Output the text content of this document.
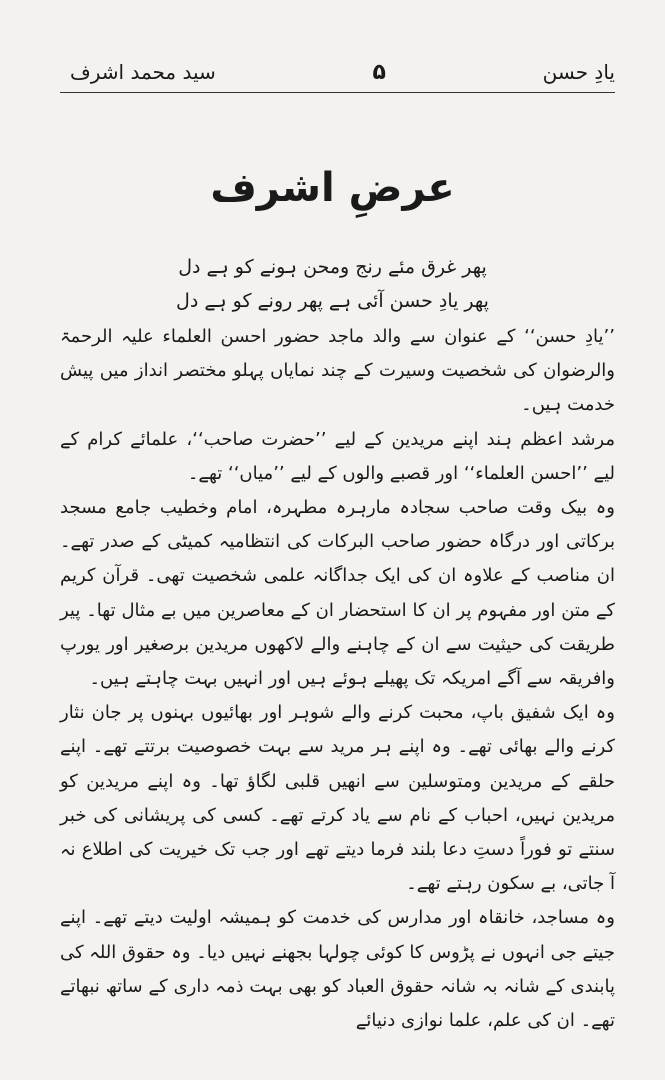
یادِ حسن
۵
سید محمد اشرف
عرضِ اشرف
پھر غرق مئے رنج ومحن ہونے کو ہے دل
پھر یادِ حسن آئی ہے پھر رونے کو ہے دل

’’یادِ حسن‘‘ کے عنوان سے والد ماجد حضور احسن العلماء علیہ الرحمۃ والرضوان کی شخصیت وسیرت کے چند نمایاں پہلو مختصر انداز میں پیش خدمت ہیں۔

مرشد اعظم ہند اپنے مریدین کے لیے ’’حضرت صاحب‘‘، علمائے کرام کے لیے ’’احسن العلماء‘‘ اور قصبے والوں کے لیے ’’میاں‘‘ تھے۔

وہ بیک وقت صاحب سجادہ مارہرہ مطہرہ، امام وخطیب جامع مسجد برکاتی اور درگاہ حضور صاحب البرکات کی انتظامیہ کمیٹی کے صدر تھے۔ ان مناصب کے علاوہ ان کی ایک جداگانہ علمی شخصیت تھی۔ قرآن کریم کے متن اور مفہوم پر ان کا استحضار ان کے معاصرین میں بے مثال تھا۔ پیر طریقت کی حیثیت سے ان کے چاہنے والے لاکھوں مریدین برصغیر اور یورپ وافریقہ سے آگے امریکہ تک پھیلے ہوئے ہیں اور انہیں بہت چاہتے ہیں۔

وہ ایک شفیق باپ، محبت کرنے والے شوہر اور بھائیوں بہنوں پر جان نثار کرنے والے بھائی تھے۔ وہ اپنے ہر مرید سے بہت خصوصیت برتتے تھے۔ اپنے حلقے کے مریدین ومتوسلین سے انھیں قلبی لگاؤ تھا۔ وہ اپنے مریدین کو مریدین نہیں، احباب کے نام سے یاد کرتے تھے۔ کسی کی پریشانی کی خبر سنتے تو فوراً دستِ دعا بلند فرما دیتے تھے اور جب تک خیریت کی اطلاع نہ آ جاتی، بے سکون رہتے تھے۔

وہ مساجد، خانقاہ اور مدارس کی خدمت کو ہمیشہ اولیت دیتے تھے۔ اپنے جیتے جی انہوں نے پڑوس کا کوئی چولہا بجھنے نہیں دیا۔ وہ حقوق اللہ کی پابندی کے شانہ بہ شانہ حقوق العباد کو بھی بہت ذمہ داری کے ساتھ نبھاتے تھے۔ ان کی علم، علما نوازی دنیائے
